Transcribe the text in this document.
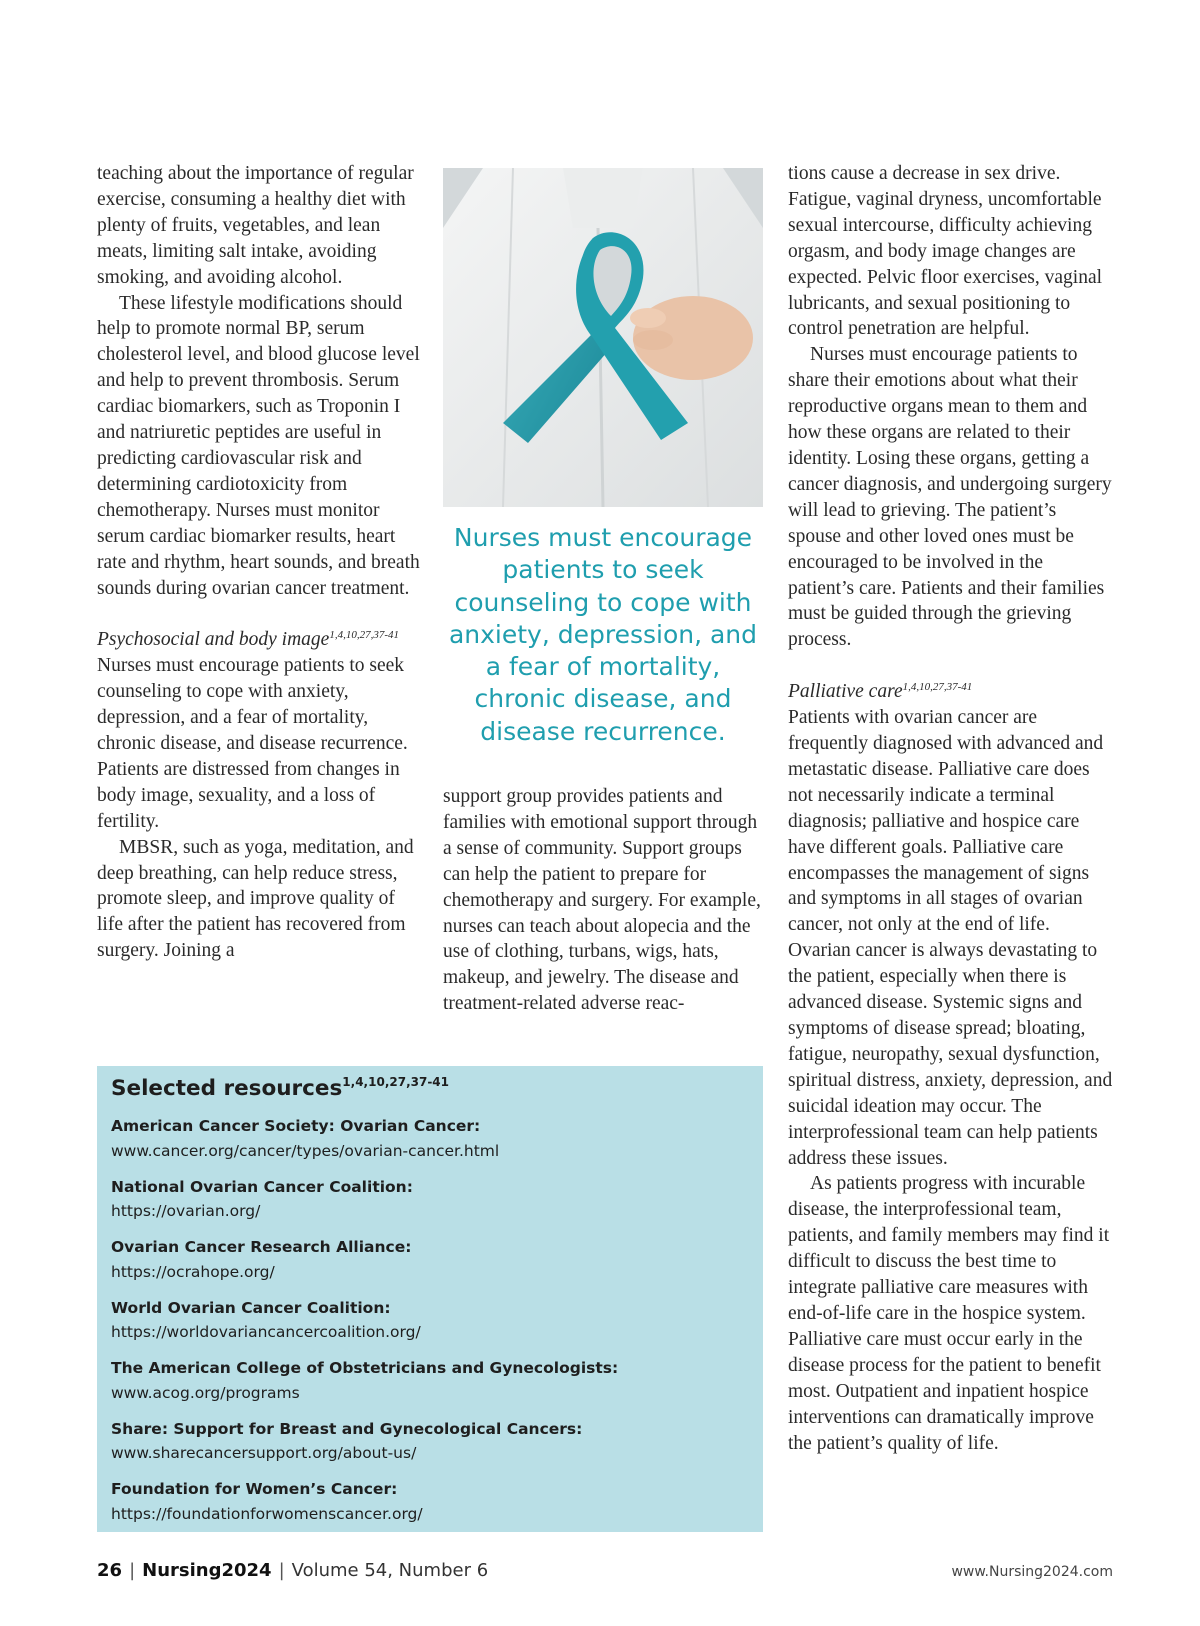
teaching about the importance of regular exercise, consuming a healthy diet with plenty of fruits, vegetables, and lean meats, limiting salt intake, avoiding smoking, and avoiding alcohol.

These lifestyle modifications should help to promote normal BP, serum cholesterol level, and blood glucose level and help to prevent thrombosis. Serum cardiac biomarkers, such as Troponin I and natriuretic peptides are useful in predicting cardiovascular risk and determining cardiotoxicity from chemotherapy. Nurses must monitor serum cardiac biomarker results, heart rate and rhythm, heart sounds, and breath sounds during ovarian cancer treatment.

Psychosocial and body image$^{1,4,10,27,37-41}$

Nurses must encourage patients to seek counseling to cope with anxiety, depression, and a fear of mortality, chronic disease, and disease recurrence. Patients are distressed from changes in body image, sexuality, and a loss of fertility.

MBSR, such as yoga, meditation, and deep breathing, can help reduce stress, promote sleep, and improve quality of life after the patient has recovered from surgery. Joining a

Nurses must encourage patients to seek counseling to cope with anxiety, depression, and a fear of mortality, chronic disease, and disease recurrence.

support group provides patients and families with emotional support through a sense of community. Support groups can help the patient to prepare for chemotherapy and surgery. For example, nurses can teach about alopecia and the use of clothing, turbans, wigs, hats, makeup, and jewelry. The disease and treatment-related adverse reac-

tions cause a decrease in sex drive. Fatigue, vaginal dryness, uncomfortable sexual intercourse, difficulty achieving orgasm, and body image changes are expected. Pelvic floor exercises, vaginal lubricants, and sexual positioning to control penetration are helpful.

Nurses must encourage patients to share their emotions about what their reproductive organs mean to them and how these organs are related to their identity. Losing these organs, getting a cancer diagnosis, and undergoing surgery will lead to grieving. The patient’s spouse and other loved ones must be encouraged to be involved in the patient’s care. Patients and their families must be guided through the grieving process.

Palliative care$^{1,4,10,27,37-41}$

Patients with ovarian cancer are frequently diagnosed with advanced and metastatic disease. Palliative care does not necessarily indicate a terminal diagnosis; palliative and hospice care have different goals. Palliative care encompasses the management of signs and symptoms in all stages of ovarian cancer, not only at the end of life. Ovarian cancer is always devastating to the patient, especially when there is advanced disease. Systemic signs and symptoms of disease spread; bloating, fatigue, neuropathy, sexual dysfunction, spiritual distress, anxiety, depression, and suicidal ideation may occur. The interprofessional team can help patients address these issues.

As patients progress with incurable disease, the interprofessional team, patients, and family members may find it difficult to discuss the best time to integrate palliative care measures with end-of-life care in the hospice system. Palliative care must occur early in the disease process for the patient to benefit most. Outpatient and inpatient hospice interventions can dramatically improve the patient’s quality of life.

Selected resources$^{1,4,10,27,37-41}$
American Cancer Society: Ovarian Cancer:
www.cancer.org/cancer/types/ovarian-cancer.html
National Ovarian Cancer Coalition:
https://ovarian.org/
Ovarian Cancer Research Alliance:
https://ocrahope.org/
World Ovarian Cancer Coalition:
https://worldovariancancercoalition.org/
The American College of Obstetricians and Gynecologists:
www.acog.org/programs
Share: Support for Breast and Gynecological Cancers:
www.sharecancersupport.org/about-us/
Foundation for Women’s Cancer:
https://foundationforwomenscancer.org/
26 | Nursing2024 | Volume 54, Number 6	www.Nursing2024.com
